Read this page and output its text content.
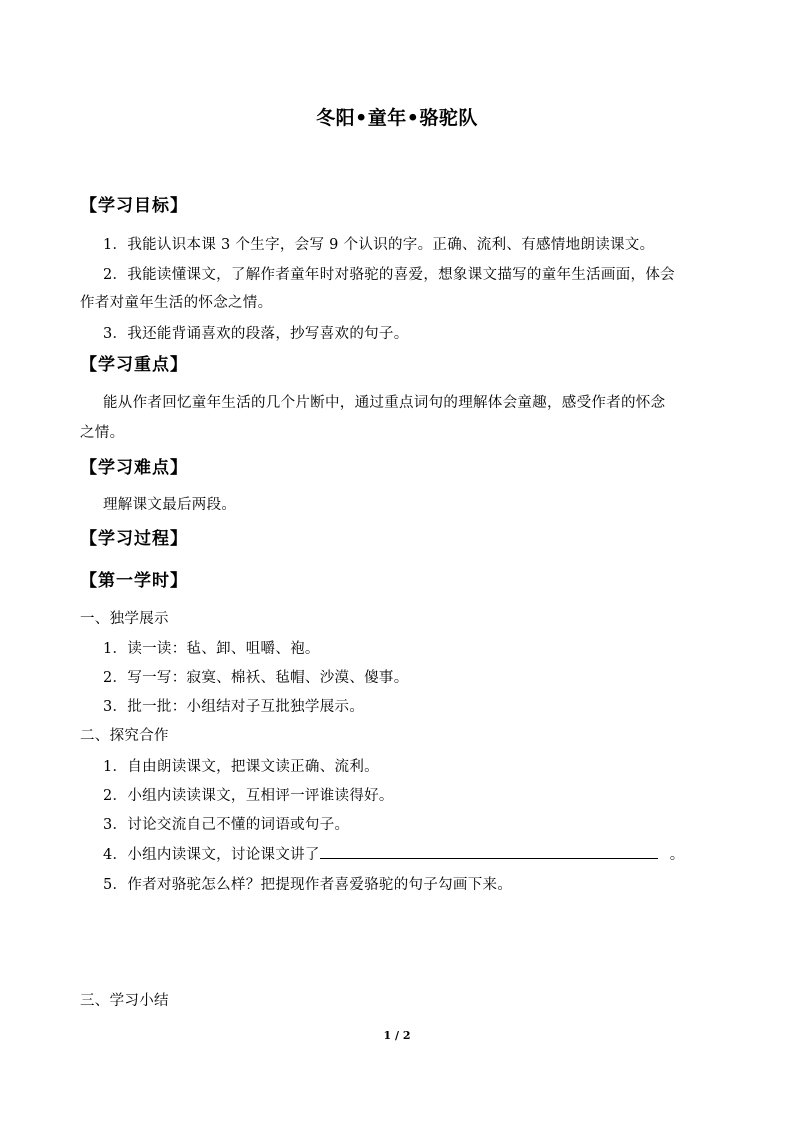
冬阳•童年•骆驼队
【学习目标】
1．我能认识本课 3 个生字，会写 9 个认识的字。正确、流利、有感情地朗读课文。
2．我能读懂课文，了解作者童年时对骆驼的喜爱，想象课文描写的童年生活画面，体会
作者对童年生活的怀念之情。
3．我还能背诵喜欢的段落，抄写喜欢的句子。
【学习重点】
能从作者回忆童年生活的几个片断中，通过重点词句的理解体会童趣，感受作者的怀念
之情。
【学习难点】
理解课文最后两段。
【学习过程】
【第一学时】
一、独学展示
1．读一读：毡、卸、咀嚼、袍。
2．写一写：寂寞、棉袄、毡帽、沙漠、傻事。
3．批一批：小组结对子互批独学展示。
二、探究合作
1．自由朗读课文，把课文读正确、流利。
2．小组内读读课文，互相评一评谁读得好。
3．讨论交流自己不懂的词语或句子。
4．小组内读课文，讨论课文讲了	。
5．作者对骆驼怎么样？把提现作者喜爱骆驼的句子勾画下来。
三、学习小结
1 / 2
